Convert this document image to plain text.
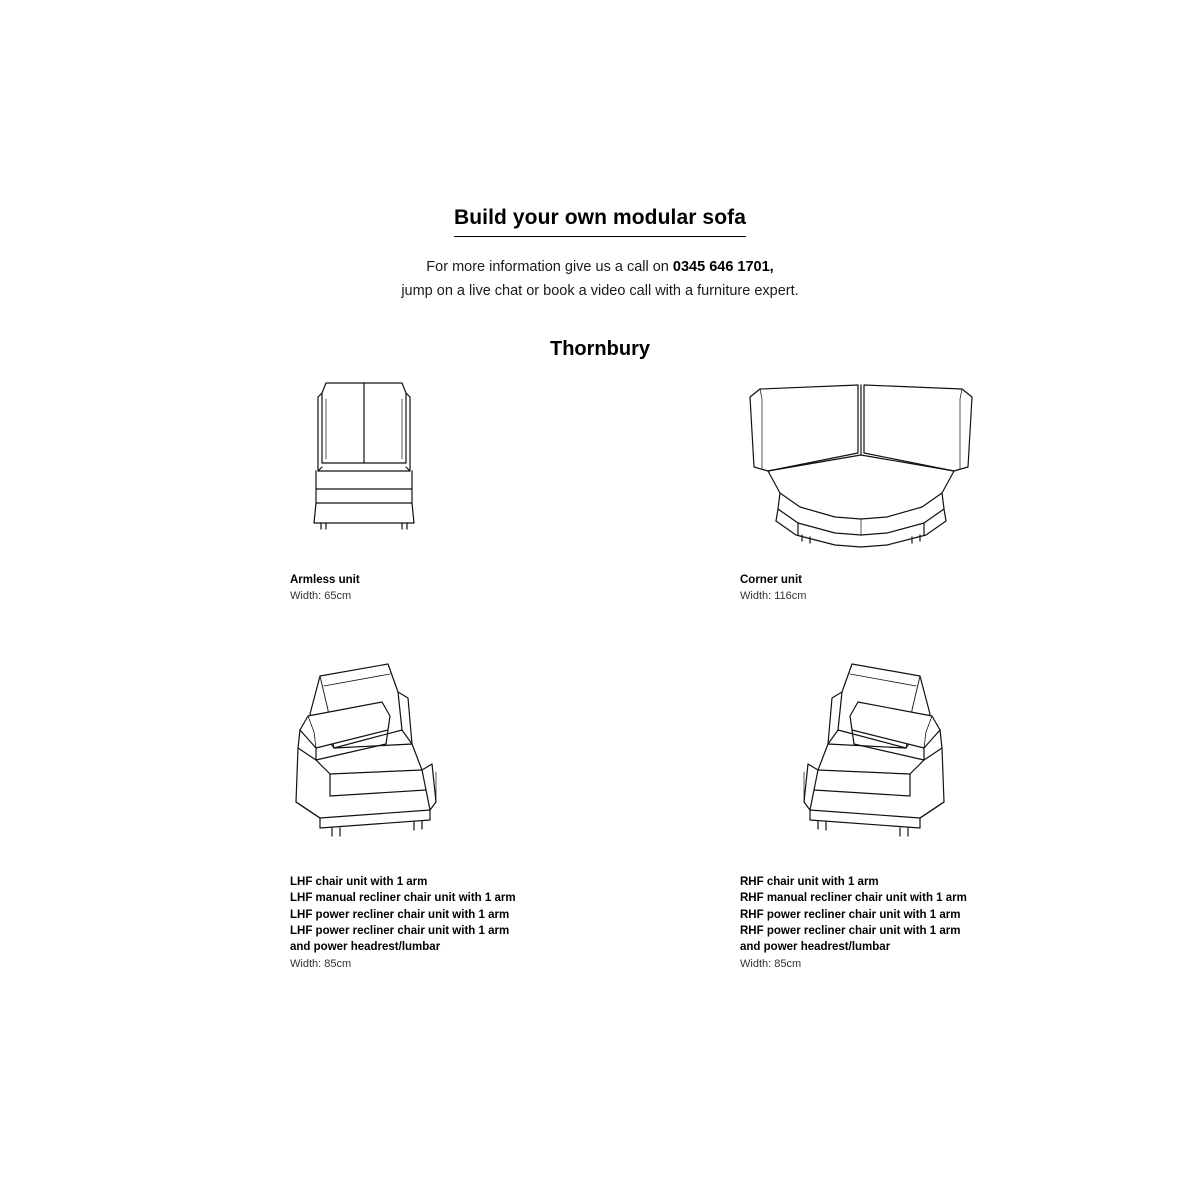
Build your own modular sofa
For more information give us a call on 0345 646 1701,
jump on a live chat or book a video call with a furniture expert.
Thornbury
Armless unit
Width: 65cm
Corner unit
Width: 116cm
LHF chair unit with 1 arm
LHF manual recliner chair unit with 1 arm
LHF power recliner chair unit with 1 arm
LHF power recliner chair unit with 1 arm
and power headrest/lumbar
Width: 85cm
RHF chair unit with 1 arm
RHF manual recliner chair unit with 1 arm
RHF power recliner chair unit with 1 arm
RHF power recliner chair unit with 1 arm
and power headrest/lumbar
Width: 85cm
